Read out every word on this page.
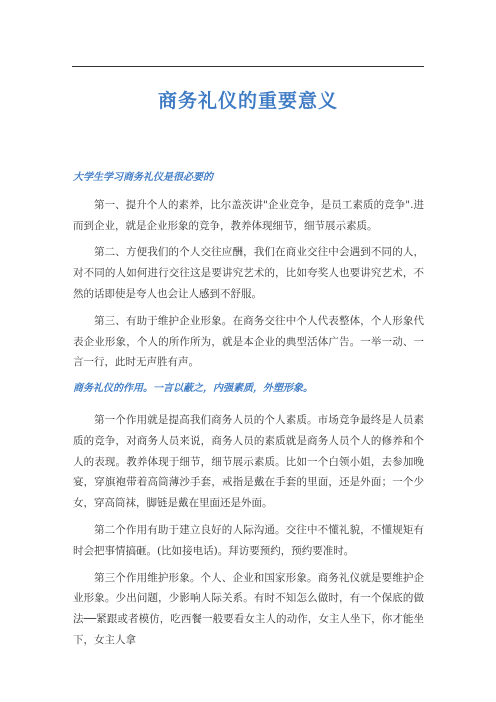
商务礼仪的重要意义

大学生学习商务礼仪是很必要的

第一、提升个人的素养，比尔盖茨讲"企业竞争，是员工素质的竞争".进而到企业，就是企业形象的竞争，教养体现细节，细节展示素质。

第二、方便我们的个人交往应酬，我们在商业交往中会遇到不同的人，对不同的人如何进行交往这是要讲究艺术的，比如夸奖人也要讲究艺术，不然的话即使是夸人也会让人感到不舒服。

第三、有助于维护企业形象。在商务交往中个人代表整体，个人形象代表企业形象，个人的所作所为，就是本企业的典型活体广告。一举一动、一言一行，此时无声胜有声。

商务礼仪的作用。一言以蔽之，内强素质，外塑形象。

第一个作用就是提高我们商务人员的个人素质。市场竞争最终是人员素质的竞争，对商务人员来说，商务人员的素质就是商务人员个人的修养和个人的表现。教养体现于细节，细节展示素质。比如一个白领小姐，去参加晚宴，穿旗袍带着高筒薄沙手套，戒指是戴在手套的里面，还是外面；一个少女，穿高筒袜，脚链是戴在里面还是外面。

第二个作用有助于建立良好的人际沟通。交往中不懂礼貌，不懂规矩有时会把事情搞砸。(比如接电话)。拜访要预约，预约要准时。

第三个作用维护形象。个人、企业和国家形象。商务礼仪就是要维护企业形象。少出问题，少影响人际关系。有时不知怎么做时，有一个保底的做法──紧跟或者模仿，吃西餐一般要看女主人的动作，女主人坐下，你才能坐下，女主人拿
